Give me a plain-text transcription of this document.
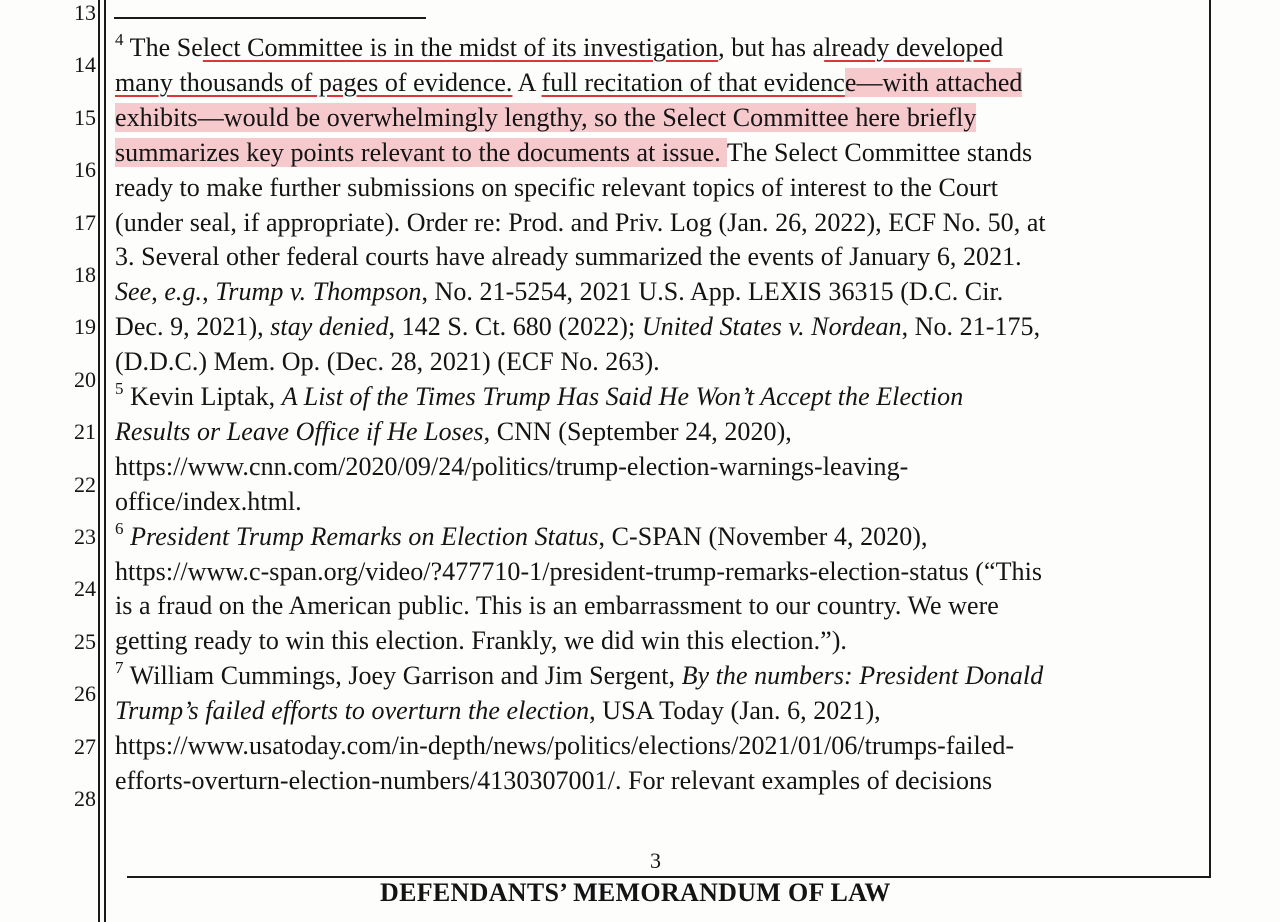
13
14
15
16
17
18
19
20
21
22
23
24
25
26
27
28
$^4$ The Select Committee is in the midst of its investigation, but has already developed
many thousands of pages of evidence. A full recitation of that evidence—with attached
exhibits—would be overwhelmingly lengthy, so the Select Committee here briefly
summarizes key points relevant to the documents at issue. The Select Committee stands
ready to make further submissions on specific relevant topics of interest to the Court
(under seal, if appropriate). Order re: Prod. and Priv. Log (Jan. 26, 2022), ECF No. 50, at
3. Several other federal courts have already summarized the events of January 6, 2021.
See, e.g., Trump v. Thompson, No. 21-5254, 2021 U.S. App. LEXIS 36315 (D.C. Cir.
Dec. 9, 2021), stay denied, 142 S. Ct. 680 (2022); United States v. Nordean, No. 21-175,
(D.D.C.) Mem. Op. (Dec. 28, 2021) (ECF No. 263).
$^5$ Kevin Liptak, A List of the Times Trump Has Said He Won’t Accept the Election
Results or Leave Office if He Loses, CNN (September 24, 2020),
https://www.cnn.com/2020/09/24/politics/trump-election-warnings-leaving-
office/index.html.
$^6$ President Trump Remarks on Election Status, C-SPAN (November 4, 2020),
https://www.c-span.org/video/?477710-1/president-trump-remarks-election-status (“This
is a fraud on the American public. This is an embarrassment to our country. We were
getting ready to win this election. Frankly, we did win this election.”).
$^7$ William Cummings, Joey Garrison and Jim Sergent, By the numbers: President Donald
Trump’s failed efforts to overturn the election, USA Today (Jan. 6, 2021),
https://www.usatoday.com/in-depth/news/politics/elections/2021/01/06/trumps-failed-
efforts-overturn-election-numbers/4130307001/. For relevant examples of decisions
3
DEFENDANTS’ MEMORANDUM OF LAW
